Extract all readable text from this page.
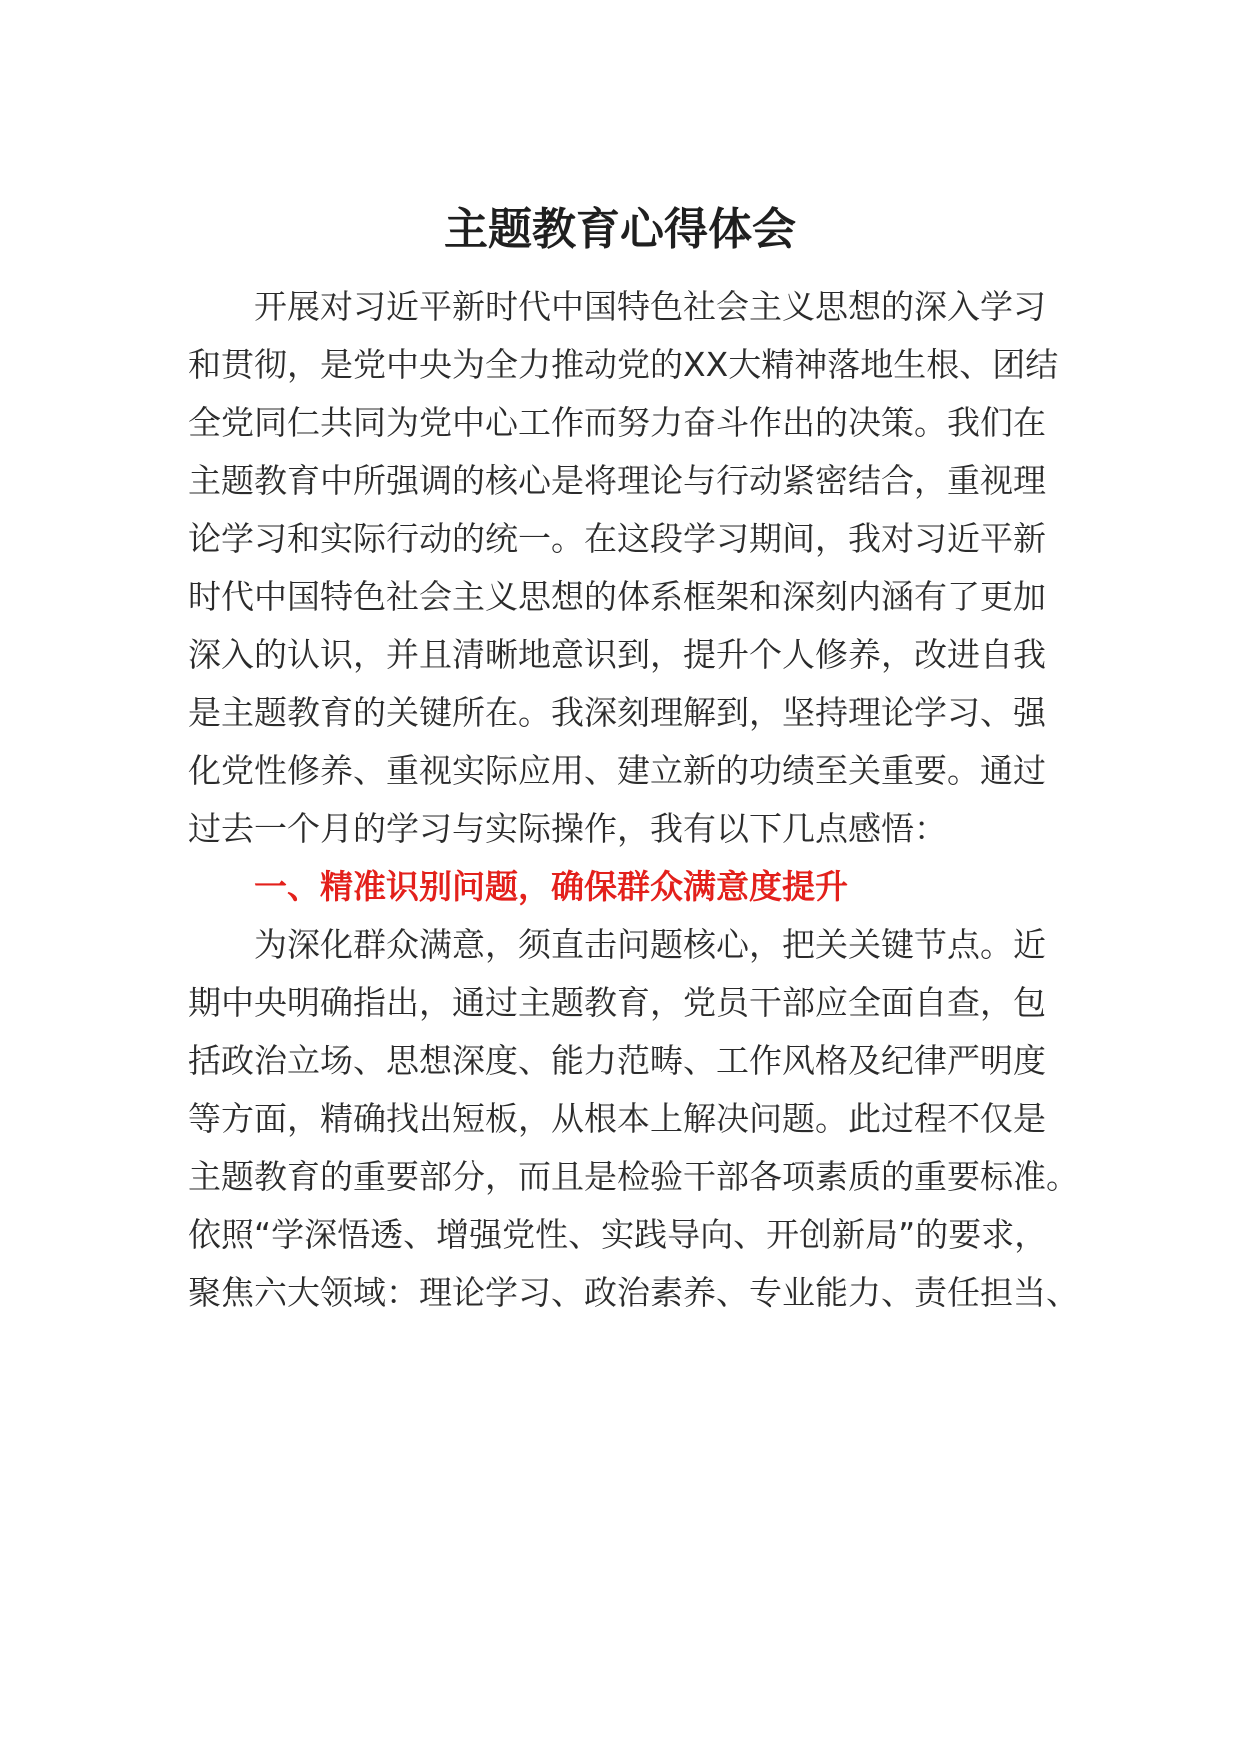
主题教育心得体会

开展对习近平新时代中国特色社会主义思想的深入学习

和贯彻，是党中央为全力推动党的XX大精神落地生根、团结

全党同仁共同为党中心工作而努力奋斗作出的决策。我们在

主题教育中所强调的核心是将理论与行动紧密结合，重视理

论学习和实际行动的统一。在这段学习期间，我对习近平新

时代中国特色社会主义思想的体系框架和深刻内涵有了更加

深入的认识，并且清晰地意识到，提升个人修养，改进自我

是主题教育的关键所在。我深刻理解到，坚持理论学习、强

化党性修养、重视实际应用、建立新的功绩至关重要。通过

过去一个月的学习与实际操作，我有以下几点感悟：

一、精准识别问题，确保群众满意度提升

为深化群众满意，须直击问题核心，把关关键节点。近

期中央明确指出，通过主题教育，党员干部应全面自查，包

括政治立场、思想深度、能力范畴、工作风格及纪律严明度

等方面，精确找出短板，从根本上解决问题。此过程不仅是

主题教育的重要部分，而且是检验干部各项素质的重要标准。

依照“学深悟透、增强党性、实践导向、开创新局”的要求，

聚焦六大领域：理论学习、政治素养、专业能力、责任担当、
